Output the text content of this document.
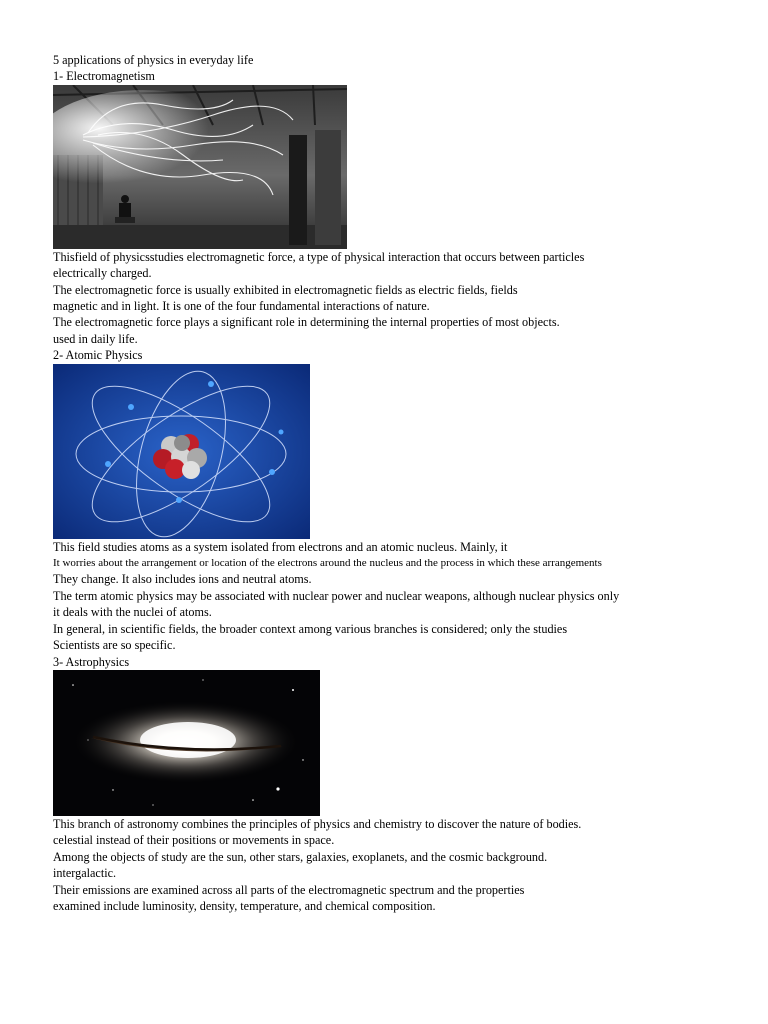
5 applications of physics in everyday life
1- Electromagnetism
Thisfield of physicsstudies electromagnetic force, a type of physical interaction that occurs between particles
electrically charged.
The electromagnetic force is usually exhibited in electromagnetic fields as electric fields, fields
magnetic and in light. It is one of the four fundamental interactions of nature.
The electromagnetic force plays a significant role in determining the internal properties of most objects.
used in daily life.
2- Atomic Physics
This field studies atoms as a system isolated from electrons and an atomic nucleus. Mainly, it
It worries about the arrangement or location of the electrons around the nucleus and the process in which these arrangements
They change. It also includes ions and neutral atoms.
The term atomic physics may be associated with nuclear power and nuclear weapons, although nuclear physics only
it deals with the nuclei of atoms.
In general, in scientific fields, the broader context among various branches is considered; only the studies
Scientists are so specific.
3- Astrophysics
This branch of astronomy combines the principles of physics and chemistry to discover the nature of bodies.
celestial instead of their positions or movements in space.
Among the objects of study are the sun, other stars, galaxies, exoplanets, and the cosmic background.
intergalactic.
Their emissions are examined across all parts of the electromagnetic spectrum and the properties
examined include luminosity, density, temperature, and chemical composition.
